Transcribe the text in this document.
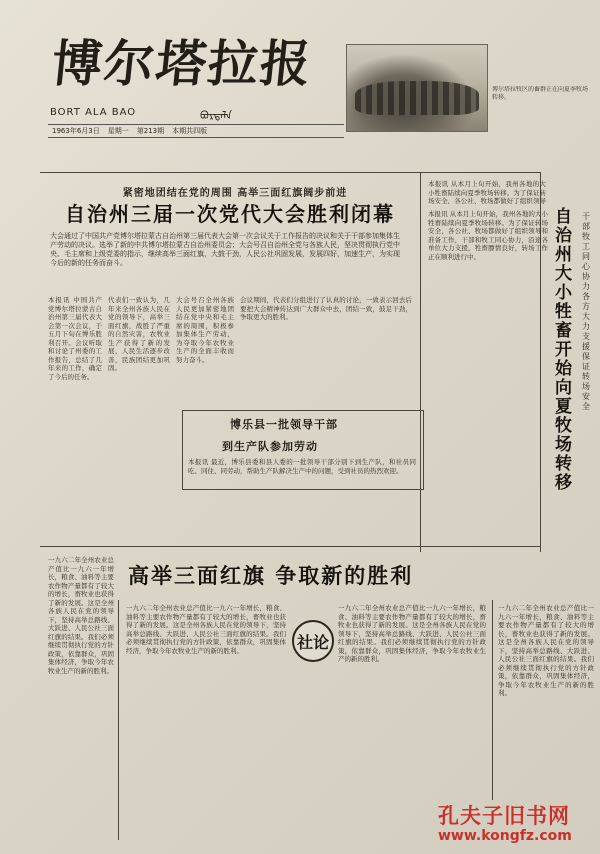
博尔塔拉报
BORT ALA BAO	ᠪᠣᠷᠲᠠᠯᠠ
1963年6月3日 星期一 第213期 本期共四版
博尔塔拉牧区的畜群正在向夏季牧场转移。
紧密地团结在党的周围 高举三面红旗阔步前进
自治州三届一次党代大会胜利闭幕
大会通过了中国共产党博尔塔拉蒙古自治州第三届代表大会第一次会议关于工作报告的决议和关于干部参加集体生产劳动的决议。选举了新的中共博尔塔拉蒙古自治州委员会；大会号召自治州全党与各族人民，坚决贯彻执行党中央、毛主席和上级党委的指示，继续高举三面红旗，大鼓干劲，人民公社巩固发展，发展四好，加速生产，为实现今后的新的任务而奋斗。
本报讯 中国共产党博尔塔拉蒙古自治州第三届代表大会第一次会议，于五月下旬在博乐胜利召开。会议听取和讨论了州委的工作报告，总结了几年来的工作，确定了今后的任务。
代表们一致认为，几年来全州各族人民在党的领导下，高举三面红旗，战胜了严重的自然灾害，农牧业生产获得了新的发展，人民生活逐步改善，民族团结更加巩固。
大会号召全州各族人民更加紧密地团结在党中央和毛主席的周围，积极参加集体生产劳动，为夺取今年农牧业生产的全面丰收而努力奋斗。
会议期间，代表们分组进行了认真的讨论，一致表示回去后要把大会精神传达到广大群众中去，团结一致，鼓足干劲，争取更大的胜利。
博乐县一批领导干部
到生产队参加劳动
本报讯 最近，博乐县委和县人委的一批领导干部分别下到生产队，和社员同吃、同住、同劳动，帮助生产队解决生产中的问题，受到社员的热烈欢迎。
本报讯 从本月上旬开始，我州各地的大小牲畜陆续向夏季牧场转移。为了保证转场安全，各公社、牧场都做好了组织领导
本报讯 从本月上旬开始，我州各地的大小牲畜陆续向夏季牧场转移。为了保证转场安全，各公社、牧场都做好了组织领导和准备工作，干部和牧工同心协力，沿途各单位大力支援，牲畜膘情良好，转场工作正在顺利进行中。
自治州大小牲畜开始向夏牧场转移
干部牧工同心协力 各方大力支援 保证转场安全
高举三面红旗 争取新的胜利
社论
一九六二年全州农业总产值比一九六一年增长，粮食、油料等主要农作物产量都有了较大的增长，畜牧业也获得了新的发展。这是全州各族人民在党的领导下，坚持高举总路线、大跃进、人民公社三面红旗的结果。我们必须继续贯彻执行党的方针政策，依靠群众，巩固集体经济，争取今年农牧业生产的新的胜利。
一九六二年全州农业总产值比一九六一年增长，粮食、油料等主要农作物产量都有了较大的增长，畜牧业也获得了新的发展。这是全州各族人民在党的领导下，坚持高举总路线、大跃进、人民公社三面红旗的结果。我们必须继续贯彻执行党的方针政策，依靠群众，巩固集体经济，争取今年农牧业生产的新的胜利。
一九六二年全州农业总产值比一九六一年增长，粮食、油料等主要农作物产量都有了较大的增长，畜牧业也获得了新的发展。这是全州各族人民在党的领导下，坚持高举总路线、大跃进、人民公社三面红旗的结果。我们必须继续贯彻执行党的方针政策，依靠群众，巩固集体经济，争取今年农牧业生产的新的胜利。
一九六二年全州农业总产值比一九六一年增长，粮食、油料等主要农作物产量都有了较大的增长，畜牧业也获得了新的发展。这是全州各族人民在党的领导下，坚持高举总路线、大跃进、人民公社三面红旗的结果。我们必须继续贯彻执行党的方针政策，依靠群众，巩固集体经济，争取今年农牧业生产的新的胜利。
孔夫子旧书网
www.kongfz.com
